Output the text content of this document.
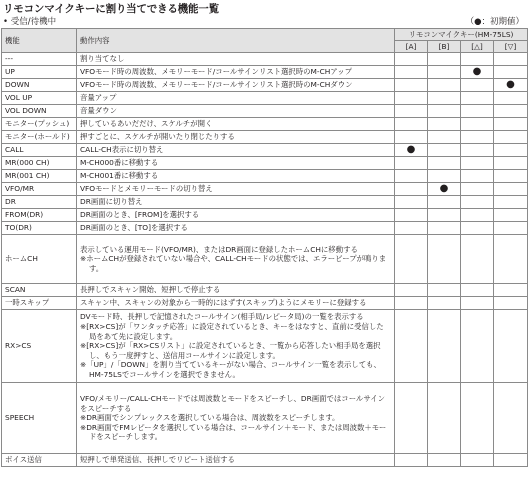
リモコンマイクキーに割り当てできる機能一覧
• 受信/待機中	（●：初期値）
機能	動作内容	リモコンマイクキー(HM-75LS)			
		[A]	[B]	[△]	[▽]
---	割り当てなし				
UP	VFOモード時の周波数、メモリーモード/コールサインリスト選択時のM-CHアップ			●	
DOWN	VFOモード時の周波数、メモリーモード/コールサインリスト選択時のM-CHダウン				●
VOL UP	音量アップ				
VOL DOWN	音量ダウン				
モニター(プッシュ)	押しているあいだだけ、スケルチが開く				
モニター(ホールド)	押すごとに、スケルチが開いたり閉じたりする				
CALL	CALL-CH表示に切り替え	●			
MR(000 CH)	M-CH000番に移動する				
MR(001 CH)	M-CH001番に移動する				
VFO/MR	VFOモードとメモリーモードの切り替え		●		
DR	DR画面に切り替え				
FROM(DR)	DR画面のとき、[FROM]を選択する				
TO(DR)	DR画面のとき、[TO]を選択する				
ホームCH	表示している運用モード(VFO/MR)、またはDR画面に登録したホームCHに移動する
※ホームCHが登録されていない場合や、CALL-CHモードの状態では、エラービープが鳴ります。				

SCAN	長押しでスキャン開始、短押しで停止する				
一時スキップ	スキャン中、スキャンの対象から一時的にはずす(スキップ)ようにメモリーに登録する				
RX>CS	DVモード時、長押しで記憶されたコールサイン(相手局/レピータ局)の一覧を表示する
※[RX>CS]が「ワンタッチ応答」に設定されているとき、キーをはなすと、直前に受信した局をあて先に設定します。
※[RX>CS]が「RX>CSリスト」に設定されているとき、一覧から応答したい相手局を選択し、もう一度押すと、送信用コールサインに設定します。
※「UP」/「DOWN」を割り当てているキーがない場合、コールサイン一覧を表示しても、HM-75LSでコールサインを選択できません。				

SPEECH	VFO/メモリー/CALL-CHモードでは周波数とモードをスピーチし、DR画面ではコールサインをスピーチする
※DR画面でシンプレックスを選択している場合は、周波数をスピーチします。
※DR画面でFMレピータを選択している場合は、コールサイン＋モード、または周波数＋モードをスピーチします。				

ボイス送信	短押しで単発送信、長押しでリピート送信する				
